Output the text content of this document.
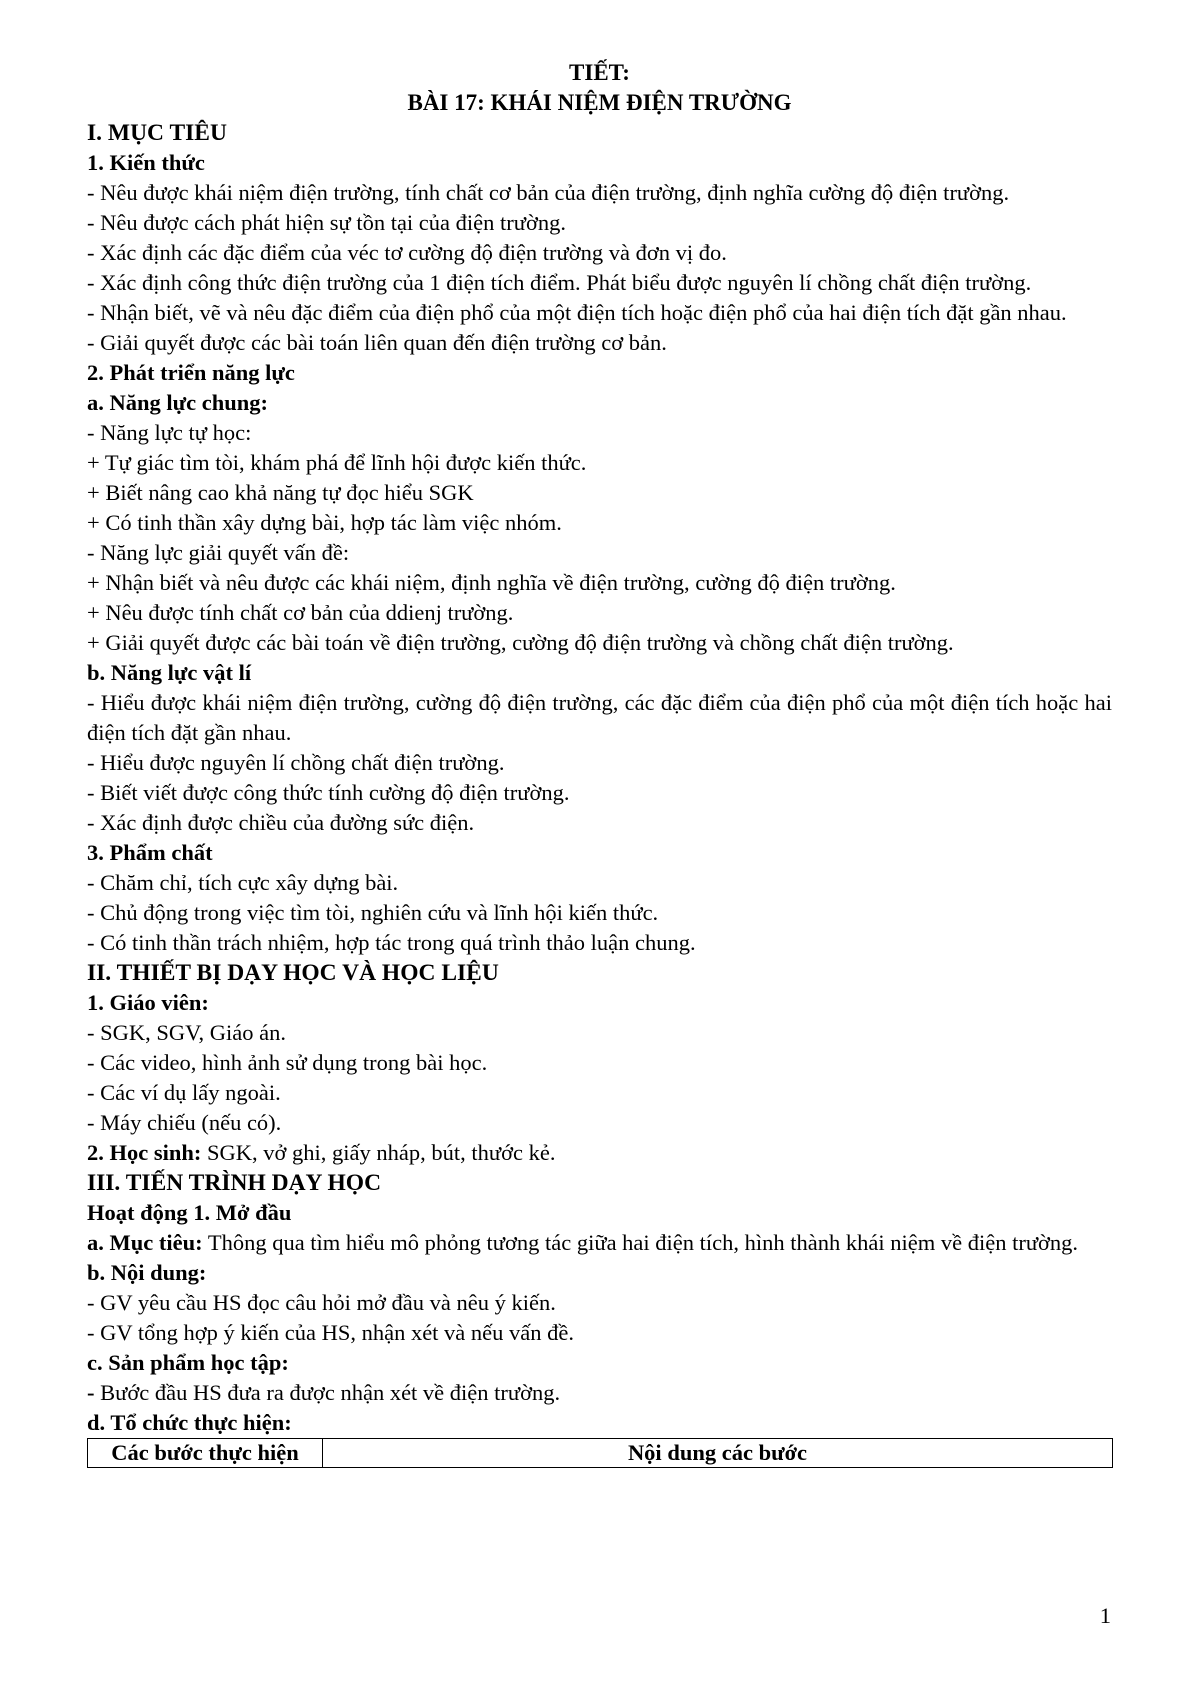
TIẾT:

BÀI 17: KHÁI NIỆM ĐIỆN TRƯỜNG

I. MỤC TIÊU

1. Kiến thức

- Nêu được khái niệm điện trường, tính chất cơ bản của điện trường, định nghĩa cường độ điện trường.

- Nêu được cách phát hiện sự tồn tại của điện trường.

- Xác định các đặc điểm của véc tơ cường độ điện trường và đơn vị đo.

- Xác định công thức điện trường của 1 điện tích điểm. Phát biểu được nguyên lí chồng chất điện trường.

- Nhận biết, vẽ và nêu đặc điểm của điện phổ của một điện tích hoặc điện phổ của hai điện tích đặt gần nhau.

- Giải quyết được các bài toán liên quan đến điện trường cơ bản.

2. Phát triển năng lực

a. Năng lực chung:

- Năng lực tự học:

+ Tự giác tìm tòi, khám phá để lĩnh hội được kiến thức.

+ Biết nâng cao khả năng tự đọc hiểu SGK

+ Có tinh thần xây dựng bài, hợp tác làm việc nhóm.

- Năng lực giải quyết vấn đề:

+ Nhận biết và nêu được các khái niệm, định nghĩa về điện trường, cường độ điện trường.

+ Nêu được tính chất cơ bản của ddienj trường.

+ Giải quyết được các bài toán về điện trường, cường độ điện trường và chồng chất điện trường.

b. Năng lực vật lí

- Hiểu được khái niệm điện trường, cường độ điện trường, các đặc điểm của điện phổ của một điện tích hoặc hai điện tích đặt gần nhau.

- Hiểu được nguyên lí chồng chất điện trường.

- Biết viết được công thức tính cường độ điện trường.

- Xác định được chiều của đường sức điện.

3. Phẩm chất

- Chăm chỉ, tích cực xây dựng bài.

- Chủ động trong việc tìm tòi, nghiên cứu và lĩnh hội kiến thức.

- Có tinh thần trách nhiệm, hợp tác trong quá trình thảo luận chung.

II. THIẾT BỊ DẠY HỌC VÀ HỌC LIỆU

1. Giáo viên:

- SGK, SGV, Giáo án.

- Các video, hình ảnh sử dụng trong bài học.

- Các ví dụ lấy ngoài.

- Máy chiếu (nếu có).

2. Học sinh: SGK, vở ghi, giấy nháp, bút, thước kẻ.

III. TIẾN TRÌNH DẠY HỌC

Hoạt động 1. Mở đầu

a. Mục tiêu: Thông qua tìm hiểu mô phỏng tương tác giữa hai điện tích, hình thành khái niệm về điện trường.

b. Nội dung:

- GV yêu cầu HS đọc câu hỏi mở đầu và nêu ý kiến.

- GV tổng hợp ý kiến của HS, nhận xét và nếu vấn đề.

c. Sản phẩm học tập:

- Bước đầu HS đưa ra được nhận xét về điện trường.

d. Tổ chức thực hiện:

Các bước thực hiện	Nội dung các bước
1
